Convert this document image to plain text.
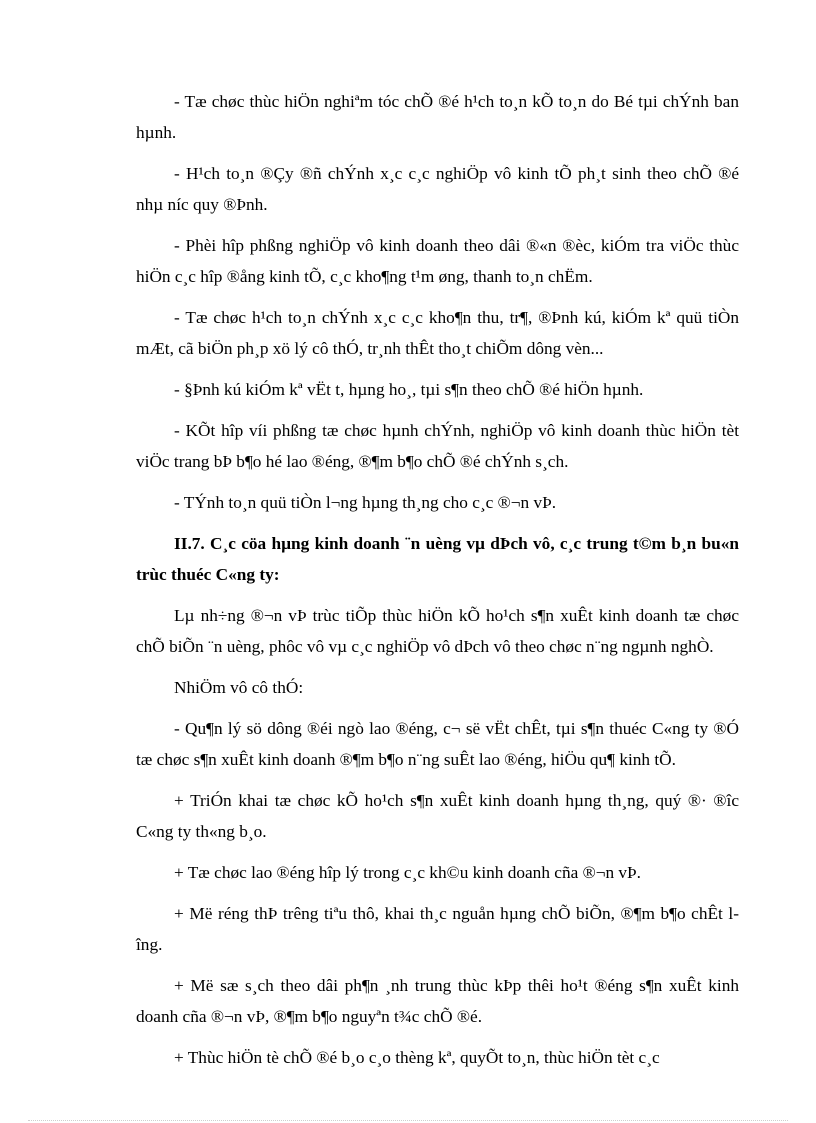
- Tæ chøc thùc hiÖn nghiªm tóc chÕ ®é h¹ch to¸n kÕ to¸n do Bé tµi chÝnh ban hµnh.

- H¹ch to¸n ®Çy ®ñ chÝnh x¸c c¸c nghiÖp vô kinh tÕ ph¸t sinh theo chÕ ®é nhµ níc quy ®Þnh.

- Phèi hîp phßng nghiÖp vô kinh doanh theo dâi ®«n ®èc, kiÓm tra viÖc thùc hiÖn c¸c hîp ®ång kinh tÕ, c¸c kho¶ng t¹m øng, thanh to¸n chËm.

- Tæ chøc h¹ch to¸n chÝnh x¸c c¸c kho¶n thu, tr¶, ®Þnh kú, kiÓm kª quü tiÒn mÆt, cã biÖn ph¸p xö lý cô thÓ, tr¸nh thÊt tho¸t chiÕm dông vèn...

- §Þnh kú kiÓm kª vËt t, hµng ho¸, tµi s¶n theo chÕ ®é hiÖn hµnh.

- KÕt hîp víi phßng tæ chøc hµnh chÝnh, nghiÖp vô kinh doanh thùc hiÖn tèt viÖc trang bÞ b¶o hé lao ®éng, ®¶m b¶o chÕ ®é chÝnh s¸ch.

- TÝnh to¸n quü tiÒn l¬ng hµng th¸ng cho c¸c ®¬n vÞ.

II.7. C¸c cöa hµng kinh doanh ¨n uèng vµ dÞch vô, c¸c trung t©m b¸n bu«n trùc thuéc C«ng ty:

Lµ nh÷ng ®¬n vÞ trùc tiÕp thùc hiÖn kÕ ho¹ch s¶n xuÊt kinh doanh tæ chøc chÕ biÕn ¨n uèng, phôc vô vµ c¸c nghiÖp vô dÞch vô theo chøc n¨ng ngµnh nghÒ.

NhiÖm vô cô thÓ:

- Qu¶n lý sö dông ®éi ngò lao ®éng, c¬ së vËt chÊt, tµi s¶n thuéc C«ng ty ®Ó tæ chøc s¶n xuÊt kinh doanh ®¶m b¶o n¨ng suÊt lao ®éng, hiÖu qu¶ kinh tÕ.

+ TriÓn khai tæ chøc kÕ ho¹ch s¶n xuÊt kinh doanh hµng th¸ng, quý ®· ®îc C«ng ty th«ng b¸o.

+ Tæ chøc lao ®éng hîp lý trong c¸c kh©u kinh doanh cña ®¬n vÞ.

+ Më réng thÞ trêng tiªu thô, khai th¸c nguån hµng chÕ biÕn, ®¶m b¶o chÊt lîng.

+ Më sæ s¸ch theo dâi ph¶n ¸nh trung thùc kÞp thêi ho¹t ®éng s¶n xuÊt kinh doanh cña ®¬n vÞ, ®¶m b¶o nguyªn t¾c chÕ ®é.

+ Thùc hiÖn tè chÕ ®é b¸o c¸o thèng kª, quyÕt to¸n, thùc hiÖn tèt c¸c
